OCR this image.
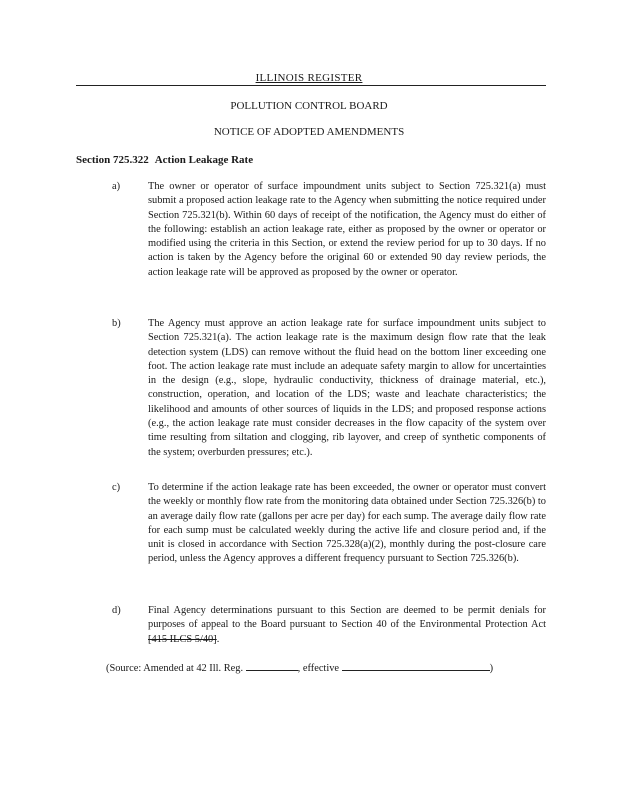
ILLINOIS REGISTER
POLLUTION CONTROL BOARD
NOTICE OF ADOPTED AMENDMENTS
Section 725.322 Action Leakage Rate
a)	The owner or operator of surface impoundment units subject to Section 725.321(a) must submit a proposed action leakage rate to the Agency when submitting the notice required under Section 725.321(b). Within 60 days of receipt of the notification, the Agency must do either of the following: establish an action leakage rate, either as proposed by the owner or operator or modified using the criteria in this Section, or extend the review period for up to 30 days. If no action is taken by the Agency before the original 60 or extended 90 day review periods, the action leakage rate will be approved as proposed by the owner or operator.
b)	The Agency must approve an action leakage rate for surface impoundment units subject to Section 725.321(a). The action leakage rate is the maximum design flow rate that the leak detection system (LDS) can remove without the fluid head on the bottom liner exceeding one foot. The action leakage rate must include an adequate safety margin to allow for uncertainties in the design (e.g., slope, hydraulic conductivity, thickness of drainage material, etc.), construction, operation, and location of the LDS; waste and leachate characteristics; the likelihood and amounts of other sources of liquids in the LDS; and proposed response actions (e.g., the action leakage rate must consider decreases in the flow capacity of the system over time resulting from siltation and clogging, rib layover, and creep of synthetic components of the system; overburden pressures; etc.).
c)	To determine if the action leakage rate has been exceeded, the owner or operator must convert the weekly or monthly flow rate from the monitoring data obtained under Section 725.326(b) to an average daily flow rate (gallons per acre per day) for each sump. The average daily flow rate for each sump must be calculated weekly during the active life and closure period and, if the unit is closed in accordance with Section 725.328(a)(2), monthly during the post-closure care period, unless the Agency approves a different frequency pursuant to Section 725.326(b).
d)	Final Agency determinations pursuant to this Section are deemed to be permit denials for purposes of appeal to the Board pursuant to Section 40 of the Environmental Protection Act [415 ILCS 5/40].
(Source: Amended at 42 Ill. Reg.	, effective	)
